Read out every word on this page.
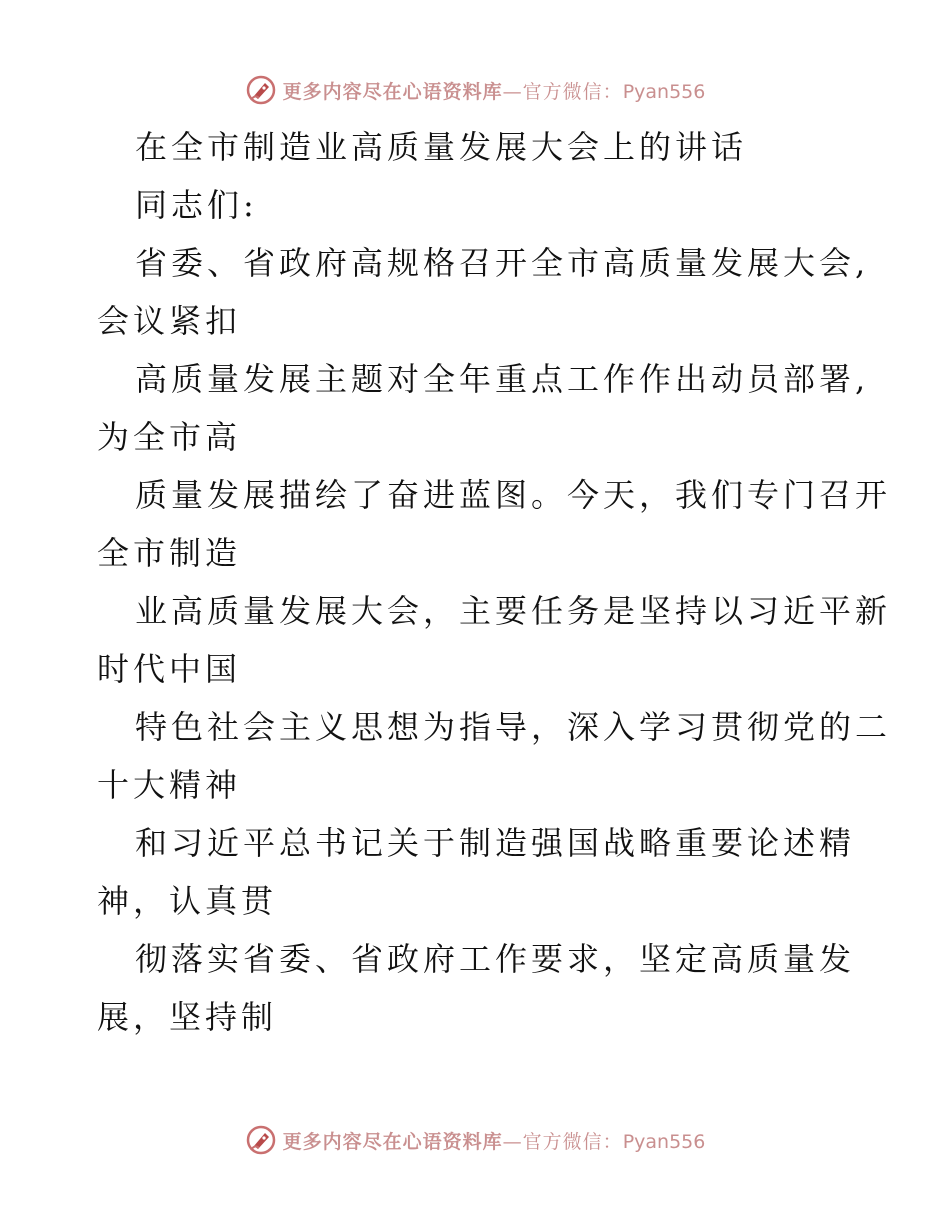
更多内容尽在心语资料库—官方微信：Pyan556
在全市制造业高质量发展大会上的讲话
同志们:
省委、省政府高规格召开全市高质量发展大会,
会议紧扣
高质量发展主题对全年重点工作作出动员部署,
为全市高
质量发展描绘了奋进蓝图。今天，我们专门召开
全市制造
业高质量发展大会，主要任务是坚持以习近平新
时代中国
特色社会主义思想为指导，深入学习贯彻党的二
十大精神
和习近平总书记关于制造强国战略重要论述精
神，认真贯
彻落实省委、省政府工作要求，坚定高质量发
展，坚持制
更多内容尽在心语资料库—官方微信：Pyan556
